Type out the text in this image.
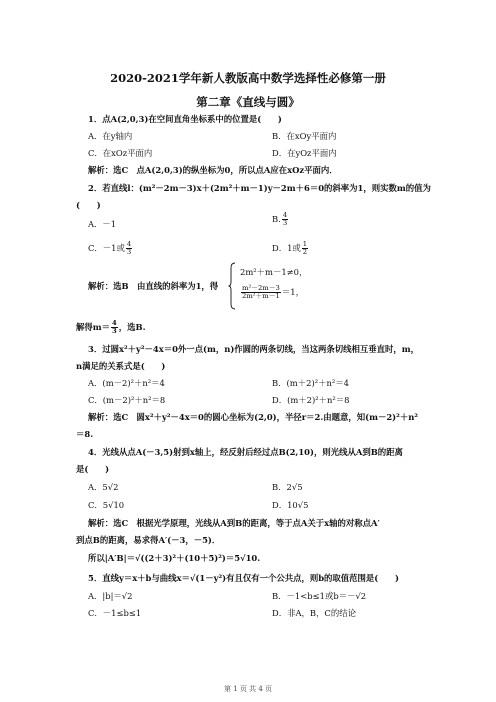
2020-2021学年新人教版高中数学选择性必修第一册
第二章《直线与圆》
1．点A(2,0,3)在空间直角坐标系中的位置是(　　)
A．在y轴内	B．在xOy平面内
C．在xOz平面内	D．在yOz平面内
解析：选C　点A(2,0,3)的纵坐标为0，所以点A应在xOz平面内．
2．若直线l：(m²－2m－3)x＋(2m²＋m－1)y－2m＋6＝0的斜率为1，则实数m的值为
(　　)
A．－1	B. $\frac{4}{3}$
C．－1或 $\frac{4}{3}$	D．1或 $\frac{1}{2}$
解析：选B　由直线的斜率为1，得
2m²＋m－1≠0，
$\frac{\text{m²－2m－3}}{\text{2m²＋m－1}} =1$，
解得$m= \frac{4}{3}$ ，选B.
3．过圆x²＋y²－4x＝0外一点(m，n)作圆的两条切线，当这两条切线相互垂直时，m，
n满足的关系式是(　　)
A．(m－2)²＋n²＝4	B．(m＋2)²＋n²＝4
C．(m－2)²＋n²＝8	D．(m＋2)²＋n²＝8
解析：选C　圆x²＋y²－4x＝0的圆心坐标为(2,0)，半径r＝2.由题意，知(m－2)²＋n²
＝8.
4．光线从点A(－3,5)射到x轴上，经反射后经过点B(2,10)，则光线从A到B的距离
是(　　)
A．5√2	B．2√5
C．5√10	D．10√5
解析：选C　根据光学原理，光线从A到B的距离，等于点A关于x轴的对称点A′
到点B的距离，易求得A′(－3，－5)．
所以|A′B|＝√((2＋3)²＋(10＋5)²)＝5√10.
5．直线y＝x＋b与曲线x＝√(1－y²)有且仅有一个公共点，则b的取值范围是(　　)
A．|b|＝√2	B．－1<b≤1或b＝－√2
C．－1≤b≤1	D．非A，B，C的结论
第 1 页 共 4 页
